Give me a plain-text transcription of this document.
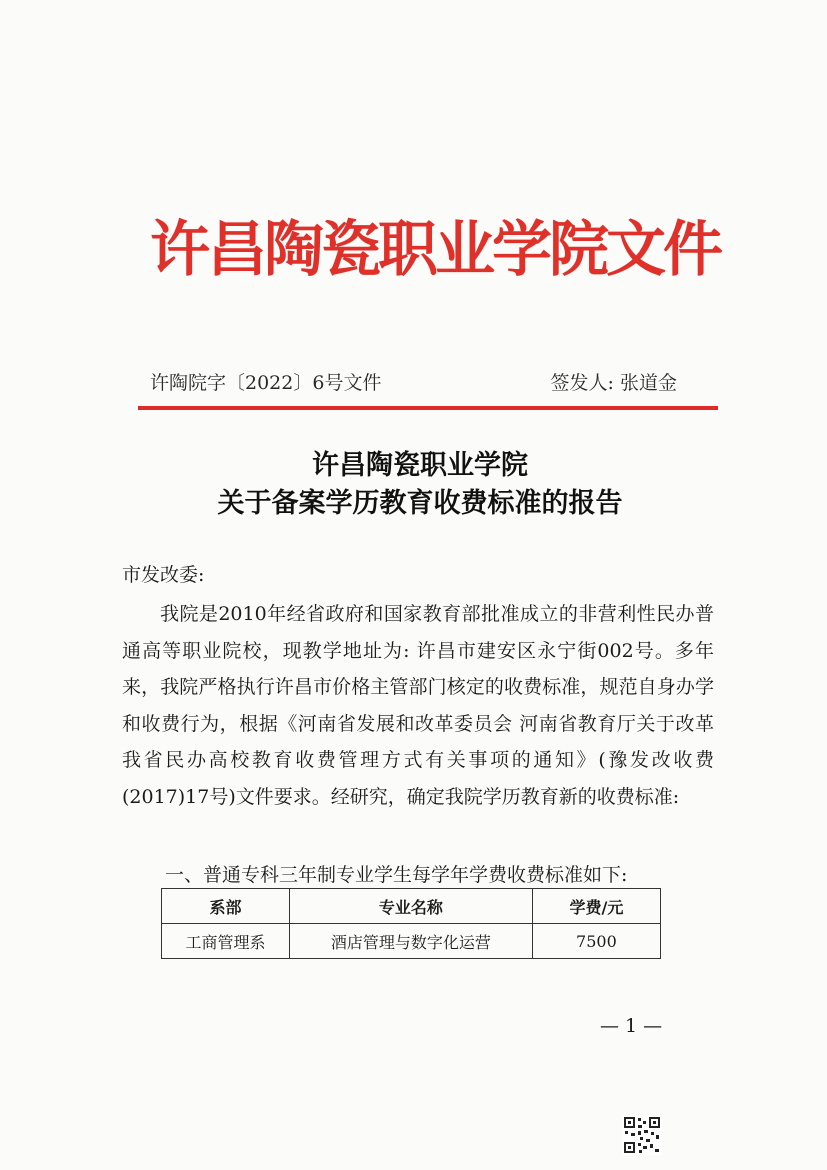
许昌陶瓷职业学院文件
许陶院字〔2022〕6号文件	签发人: 张道金
许昌陶瓷职业学院
关于备案学历教育收费标准的报告
市发改委:

我院是2010年经省政府和国家教育部批准成立的非营利性民办普通高等职业院校，现教学地址为: 许昌市建安区永宁街002号。多年来，我院严格执行许昌市价格主管部门核定的收费标准，规范自身办学和收费行为，根据《河南省发展和改革委员会 河南省教育厅关于改革我省民办高校教育收费管理方式有关事项的通知》(豫发改收费(2017)17号)文件要求。经研究，确定我院学历教育新的收费标准:

一、普通专科三年制专业学生每学年学费收费标准如下:
系部	专业名称	学费/元
工商管理系	酒店管理与数字化运营	7500
— 1 —
